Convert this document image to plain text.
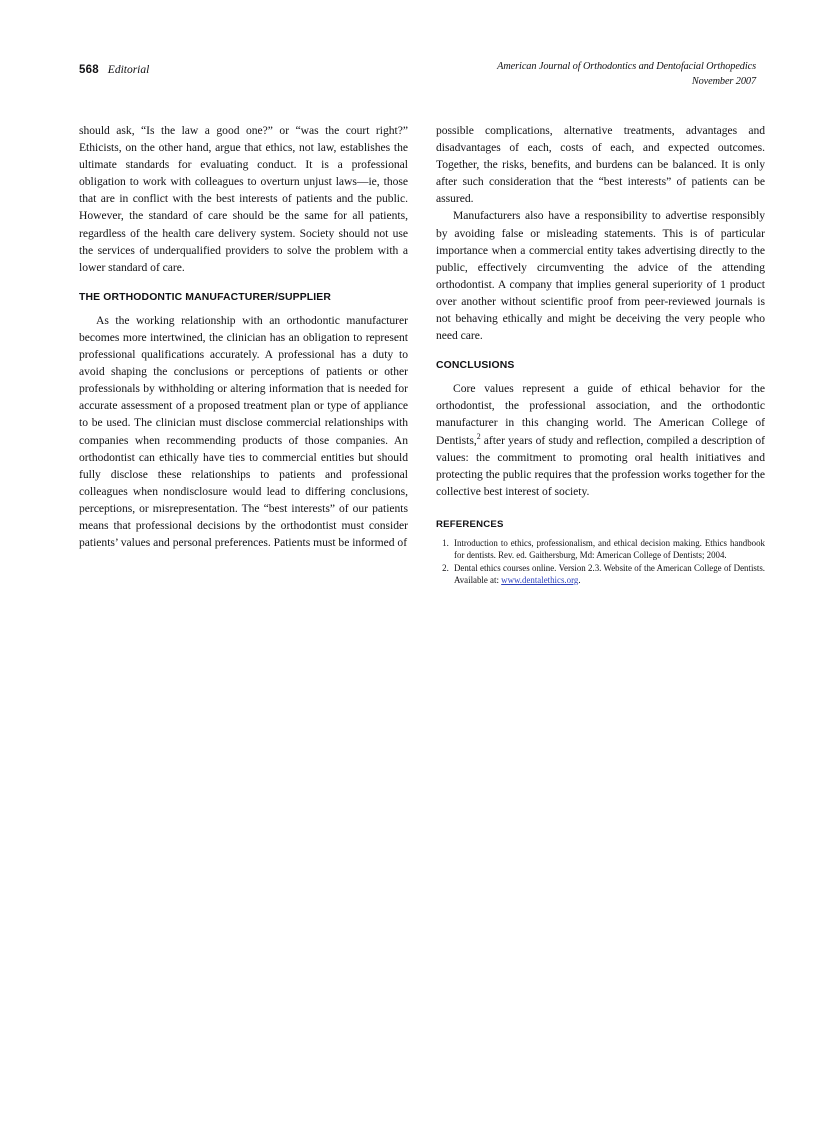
568 Editorial	American Journal of Orthodontics and Dentofacial Orthopedics
November 2007

should ask, “Is the law a good one?” or “was the court right?” Ethicists, on the other hand, argue that ethics, not law, establishes the ultimate standards for evaluating conduct. It is a professional obligation to work with colleagues to overturn unjust laws—ie, those that are in conflict with the best interests of patients and the public. However, the standard of care should be the same for all patients, regardless of the health care delivery system. Society should not use the services of underqualified providers to solve the problem with a lower standard of care.

THE ORTHODONTIC MANUFACTURER/SUPPLIER

As the working relationship with an orthodontic manufacturer becomes more intertwined, the clinician has an obligation to represent professional qualifications accurately. A professional has a duty to avoid shaping the conclusions or perceptions of patients or other professionals by withholding or altering information that is needed for accurate assessment of a proposed treatment plan or type of appliance to be used. The clinician must disclose commercial relationships with companies when recommending products of those companies. An orthodontist can ethically have ties to commercial entities but should fully disclose these relationships to patients and professional colleagues when nondisclosure would lead to differing conclusions, perceptions, or misrepresentation. The “best interests” of our patients means that professional decisions by the orthodontist must consider patients’ values and personal preferences. Patients must be informed of

possible complications, alternative treatments, advantages and disadvantages of each, costs of each, and expected outcomes. Together, the risks, benefits, and burdens can be balanced. It is only after such consideration that the “best interests” of patients can be assured.

Manufacturers also have a responsibility to advertise responsibly by avoiding false or misleading statements. This is of particular importance when a commercial entity takes advertising directly to the public, effectively circumventing the advice of the attending orthodontist. A company that implies general superiority of 1 product over another without scientific proof from peer-reviewed journals is not behaving ethically and might be deceiving the very people who need care.

CONCLUSIONS

Core values represent a guide of ethical behavior for the orthodontist, the professional association, and the orthodontic manufacturer in this changing world. The American College of Dentists,$^2$ after years of study and reflection, compiled a description of values: the commitment to promoting oral health initiatives and protecting the public requires that the profession works together for the collective best interest of society.

REFERENCES
1. Introduction to ethics, professionalism, and ethical decision making. Ethics handbook for dentists. Rev. ed. Gaithersburg, Md: American College of Dentists; 2004.
2. Dental ethics courses online. Version 2.3. Website of the American College of Dentists. Available at: www.dentalethics.org.
